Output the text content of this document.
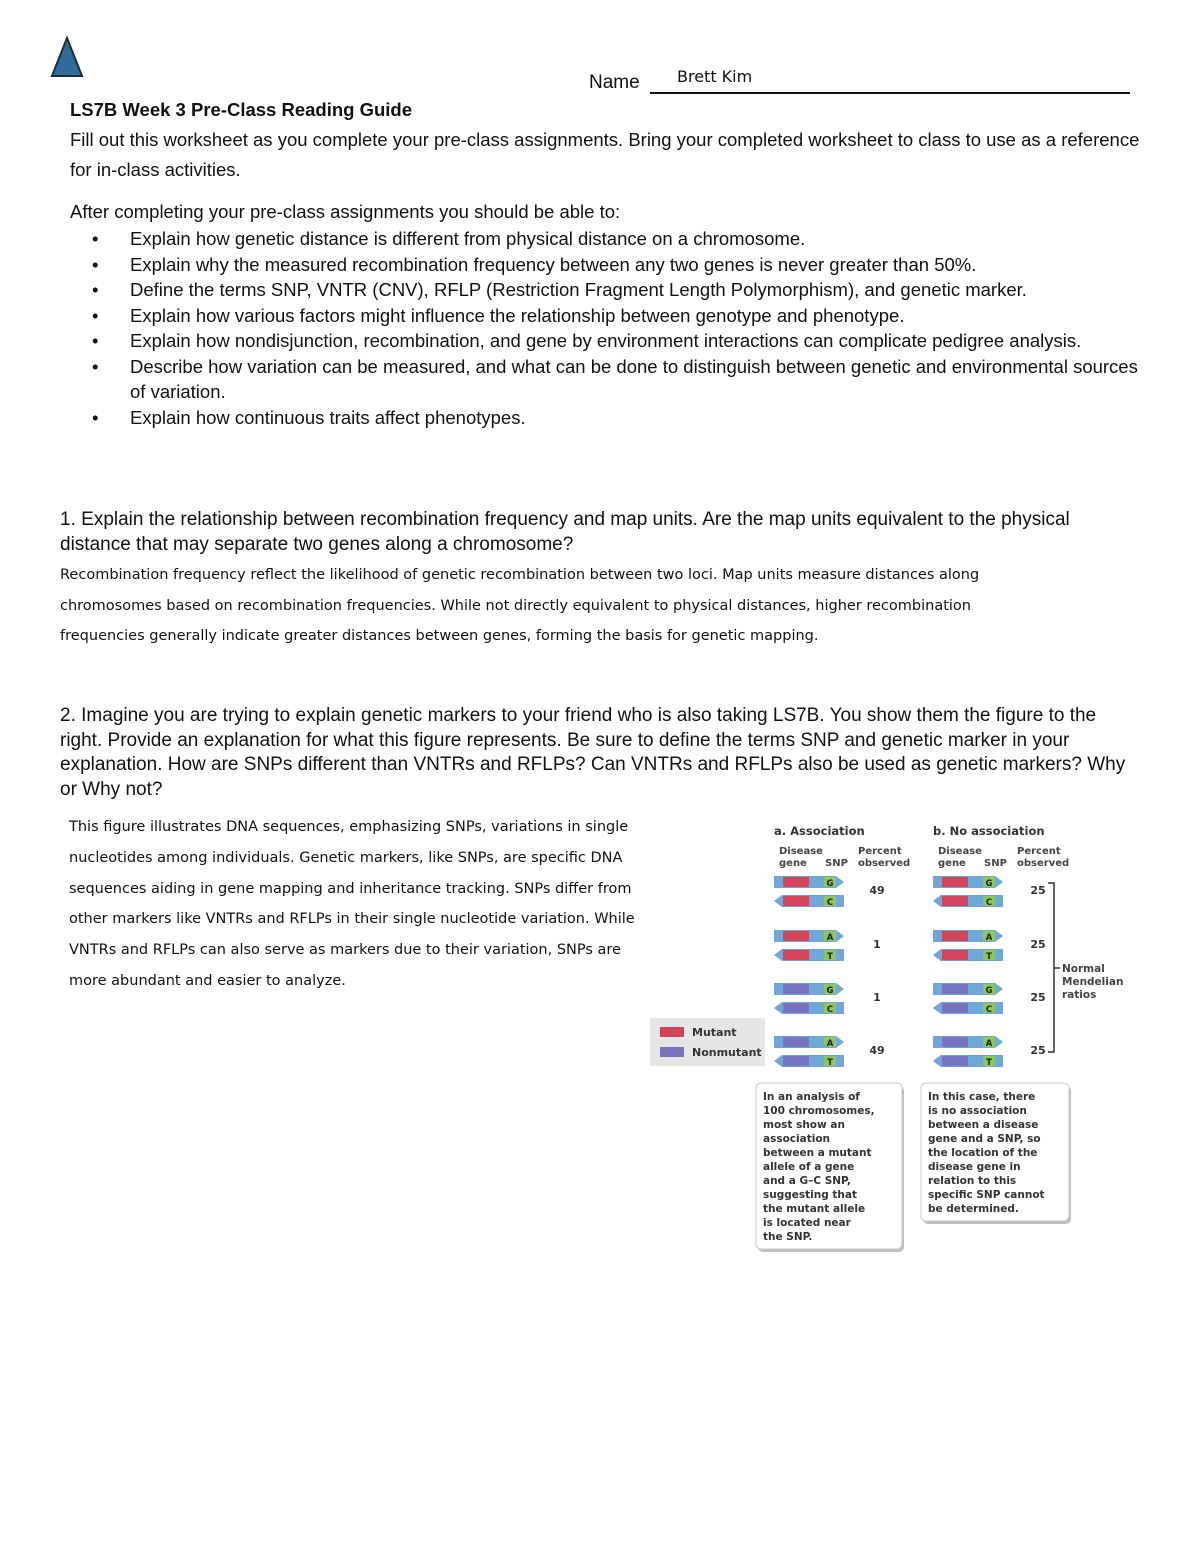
Name Brett Kim
LS7B Week 3 Pre-Class Reading Guide
Fill out this worksheet as you complete your pre-class assignments. Bring your completed worksheet to class to use as a reference for in-class activities.
After completing your pre-class assignments you should be able to:
• Explain how genetic distance is different from physical distance on a chromosome.
• Explain why the measured recombination frequency between any two genes is never greater than 50%.
• Define the terms SNP, VNTR (CNV), RFLP (Restriction Fragment Length Polymorphism), and genetic marker.
• Explain how various factors might influence the relationship between genotype and phenotype.
• Explain how nondisjunction, recombination, and gene by environment interactions can complicate pedigree analysis.
• Describe how variation can be measured, and what can be done to distinguish between genetic and environmental sources of variation.
• Explain how continuous traits affect phenotypes.
1. Explain the relationship between recombination frequency and map units. Are the map units equivalent to the physical distance that may separate two genes along a chromosome?
Recombination frequency reflect the likelihood of genetic recombination between two loci. Map units measure distances along chromosomes based on recombination frequencies. While not directly equivalent to physical distances, higher recombination frequencies generally indicate greater distances between genes, forming the basis for genetic mapping.
2. Imagine you are trying to explain genetic markers to your friend who is also taking LS7B. You show them the figure to the right. Provide an explanation for what this figure represents. Be sure to define the terms SNP and genetic marker in your explanation. How are SNPs different than VNTRs and RFLPs? Can VNTRs and RFLPs also be used as genetic markers? Why or Why not?
This figure illustrates DNA sequences, emphasizing SNPs, variations in single nucleotides among individuals. Genetic markers, like SNPs, are specific DNA sequences aiding in gene mapping and inheritance tracking. SNPs differ from other markers like VNTRs and RFLPs in their single nucleotide variation. While VNTRs and RFLPs can also serve as markers due to their variation, SNPs are more abundant and easier to analyze.
a. Association
Disease
gene SNP
Percent
observed
G
C
49
A
T
1
G
C
1
A
T
49
In an analysis of
100 chromosomes,
most show an
association
between a mutant
allele of a gene
and a G–C SNP,
suggesting that
the mutant allele
is located near
the SNP.
b. No association
Disease
gene SNP
Percent
observed
G
C
25
A
T
25
G
C
25
A
T
25
In this case, there
is no association
between a disease
gene and a SNP, so
the location of the
disease gene in
relation to this
specific SNP cannot
be determined.
Mutant
Nonmutant
Normal
Mendelian
ratios
